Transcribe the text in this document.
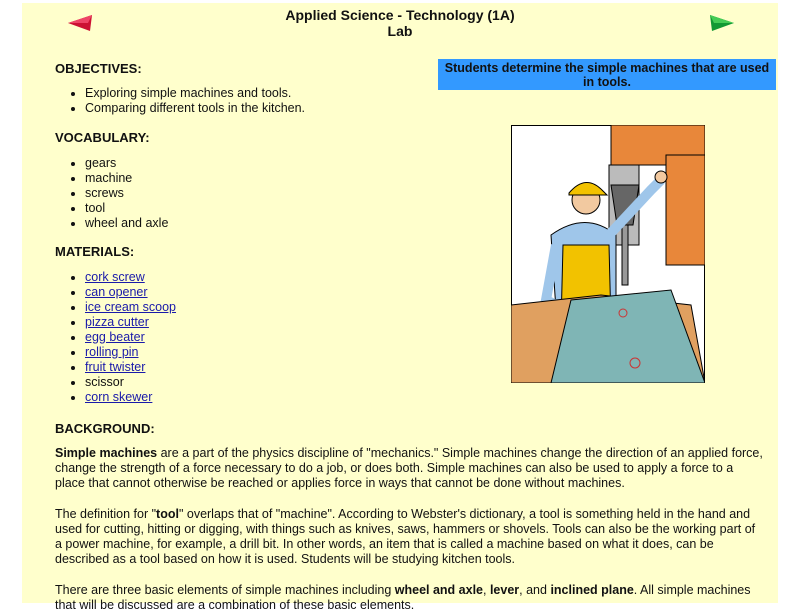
Applied Science - Technology (1A)
Lab
Students determine the simple machines that are used in tools.
OBJECTIVES:
• Exploring simple machines and tools.
• Comparing different tools in the kitchen.
VOCABULARY:
• gears
• machine
• screws
• tool
• wheel and axle
MATERIALS:
• cork screw
• can opener
• ice cream scoop
• pizza cutter
• egg beater
• rolling pin
• fruit twister
• scissor
• corn skewer
BACKGROUND:

Simple machines are a part of the physics discipline of "mechanics." Simple machines change the direction of an applied force, change the strength of a force necessary to do a job, or does both. Simple machines can also be used to apply a force to a place that cannot otherwise be reached or applies force in ways that cannot be done without machines.

The definition for "tool" overlaps that of "machine". According to Webster's dictionary, a tool is something held in the hand and used for cutting, hitting or digging, with things such as knives, saws, hammers or shovels. Tools can also be the working part of a power machine, for example, a drill bit. In other words, an item that is called a machine based on what it does, can be described as a tool based on how it is used. Students will be studying kitchen tools.

There are three basic elements of simple machines including wheel and axle, lever, and inclined plane. All simple machines that will be discussed are a combination of these basic elements.
